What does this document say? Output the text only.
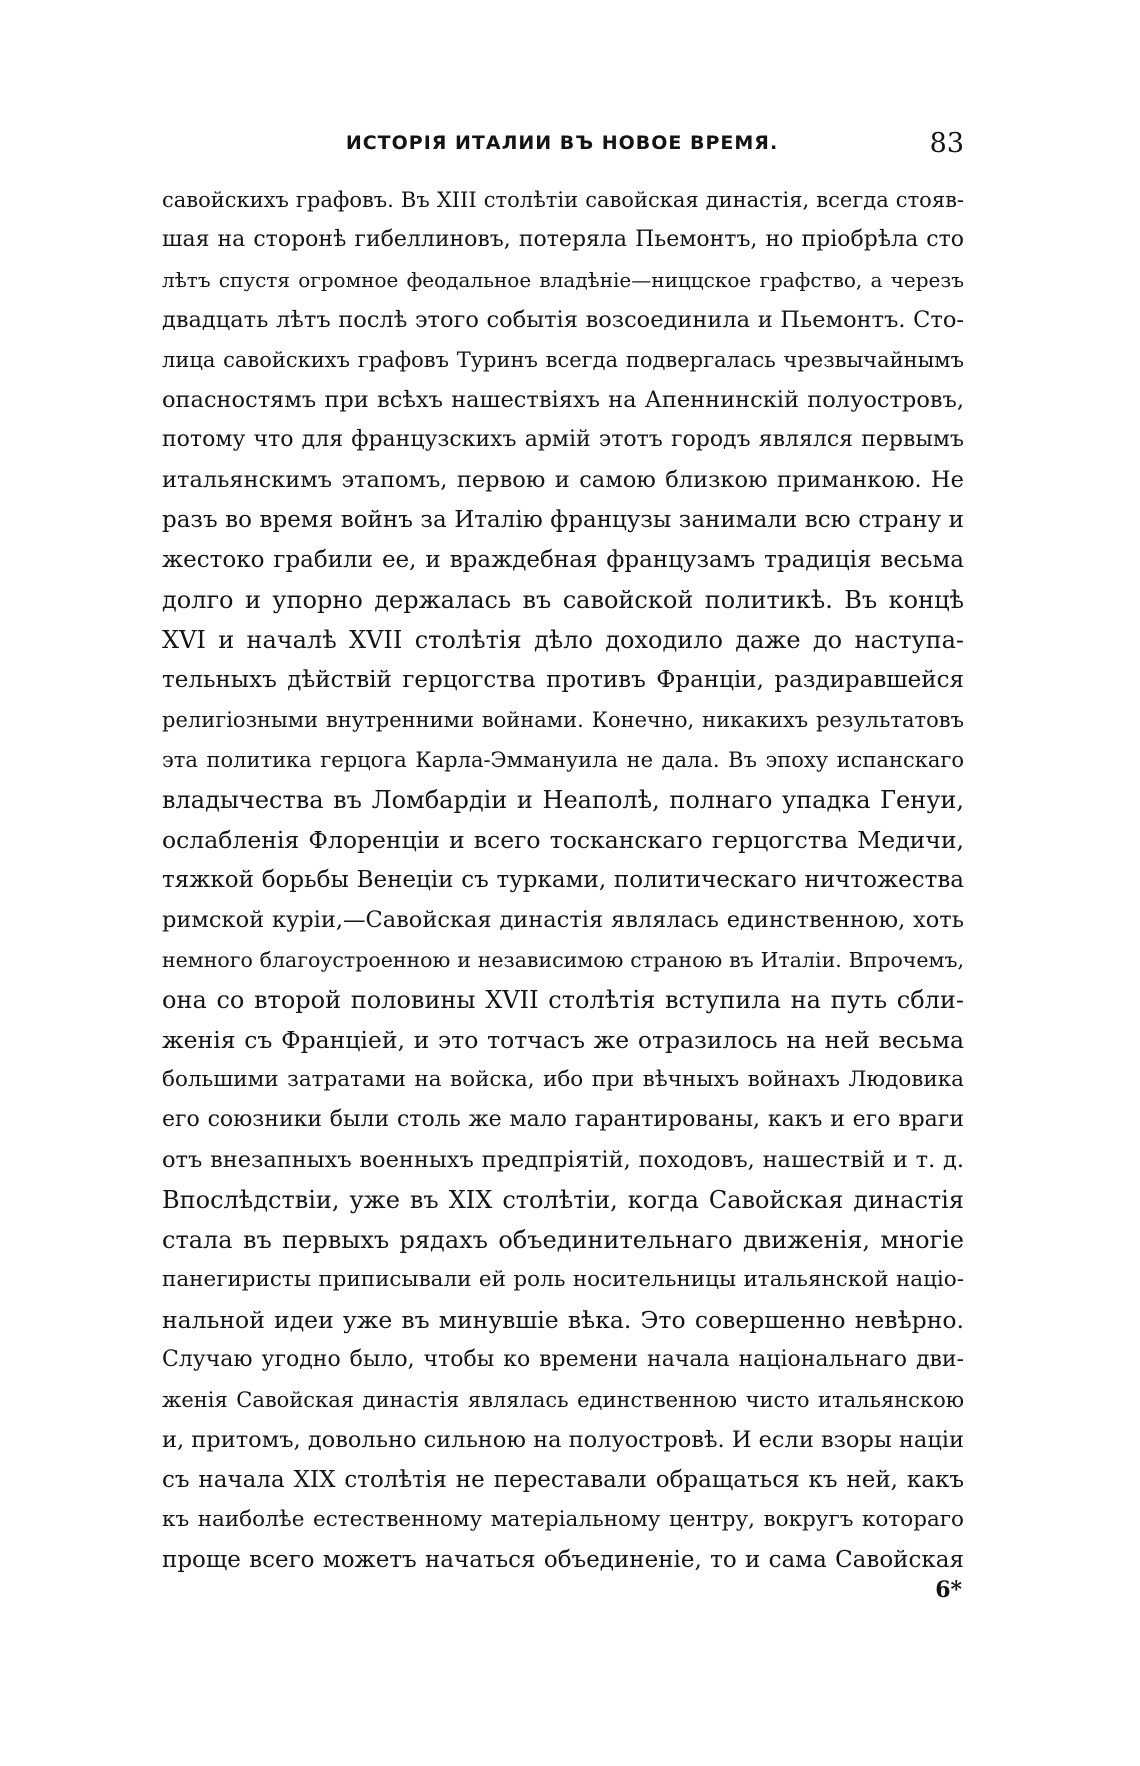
ИСТОРІЯ ИТАЛИИ ВЪ НОВОЕ ВРЕМЯ.	83
савойскихъ графовъ. Въ XIII столѣтіи савойская династія, всегда стояв-
шая на сторонѣ гибеллиновъ, потеряла Пьемонтъ, но пріобрѣла сто
лѣтъ спустя огромное феодальное владѣніе—ниццское графство, а черезъ
двадцать лѣтъ послѣ этого событія возсоединила и Пьемонтъ. Сто-
лица савойскихъ графовъ Туринъ всегда подвергалась чрезвычайнымъ
опасностямъ при всѣхъ нашествіяхъ на Апеннинскій полуостровъ,
потому что для французскихъ армій этотъ городъ являлся первымъ
итальянскимъ этапомъ, первою и самою близкою приманкою. Не
разъ во время войнъ за Италію французы занимали всю страну и
жестоко грабили ее, и враждебная французамъ традиція весьма
долго и упорно держалась въ савойской политикѣ. Въ концѣ
XVI и началѣ XVII столѣтія дѣло доходило даже до наступа-
тельныхъ дѣйствій герцогства противъ Франціи, раздиравшейся
религіозными внутренними войнами. Конечно, никакихъ результатовъ
эта политика герцога Карла-Эммануила не дала. Въ эпоху испанскаго
владычества въ Ломбардіи и Неаполѣ, полнаго упадка Генуи,
ослабленія Флоренціи и всего тосканскаго герцогства Медичи,
тяжкой борьбы Венеціи съ турками, политическаго ничтожества
римской куріи,—Савойская династія являлась единственною, хоть
немного благоустроенною и независимою страною въ Италіи. Впрочемъ,
она со второй половины XVII столѣтія вступила на путь сбли-
женія съ Франціей, и это тотчасъ же отразилось на ней весьма
большими затратами на войска, ибо при вѣчныхъ войнахъ Людовика
его союзники были столь же мало гарантированы, какъ и его враги
отъ внезапныхъ военныхъ предпріятій, походовъ, нашествій и т. д.
Впослѣдствіи, уже въ XIX столѣтіи, когда Савойская династія
стала въ первыхъ рядахъ объединительнаго движенія, многіе
панегиристы приписывали ей роль носительницы итальянской націо-
нальной идеи уже въ минувшіе вѣка. Это совершенно невѣрно.
Случаю угодно было, чтобы ко времени начала національнаго дви-
женія Савойская династія являлась единственною чисто итальянскою
и, притомъ, довольно сильною на полуостровѣ. И если взоры націи
съ начала XIX столѣтія не переставали обращаться къ ней, какъ
къ наиболѣе естественному матеріальному центру, вокругъ котораго
проще всего можетъ начаться объединеніе, то и сама Савойская
6*
